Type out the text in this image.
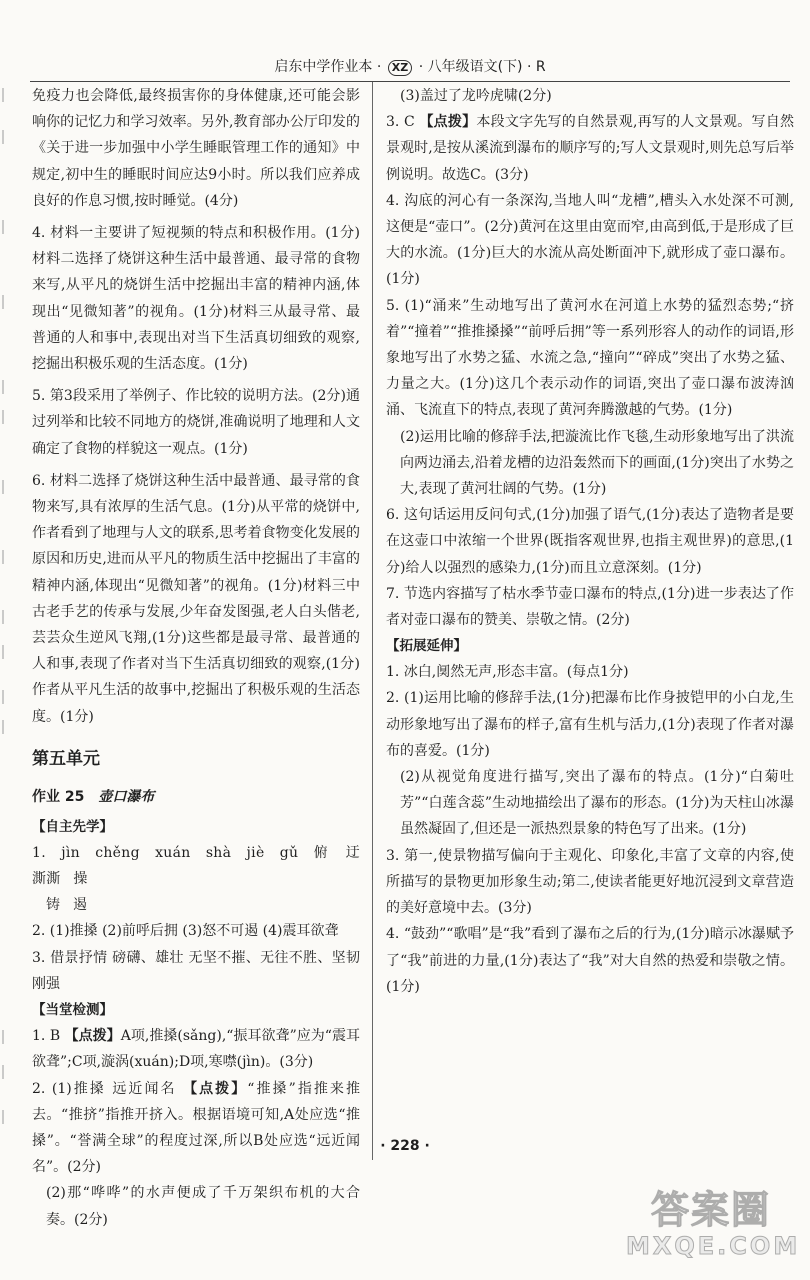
启东中学作业本 · XZ · 八年级语文(下) · R

免疫力也会降低,最终损害你的身体健康,还可能会影响你的记忆力和学习效率。另外,教育部办公厅印发的《关于进一步加强中小学生睡眠管理工作的通知》中规定,初中生的睡眠时间应达9小时。所以我们应养成良好的作息习惯,按时睡觉。(4分)

4. 材料一主要讲了短视频的特点和积极作用。(1分)材料二选择了烧饼这种生活中最普通、最寻常的食物来写,从平凡的烧饼生活中挖掘出丰富的精神内涵,体现出“见微知著”的视角。(1分)材料三从最寻常、最普通的人和事中,表现出对当下生活真切细致的观察,挖掘出积极乐观的生活态度。(1分)

5. 第3段采用了举例子、作比较的说明方法。(2分)通过列举和比较不同地方的烧饼,准确说明了地理和人文确定了食物的样貌这一观点。(1分)

6. 材料二选择了烧饼这种生活中最普通、最寻常的食物来写,具有浓厚的生活气息。(1分)从平常的烧饼中,作者看到了地理与人文的联系,思考着食物变化发展的原因和历史,进而从平凡的物质生活中挖掘出了丰富的精神内涵,体现出“见微知著”的视角。(1分)材料三中古老手艺的传承与发展,少年奋发图强,老人白头偕老,芸芸众生逆风飞翔,(1分)这些都是最寻常、最普通的人和事,表现了作者对当下生活真切细致的观察,(1分)作者从平凡生活的故事中,挖掘出了积极乐观的生活态度。(1分)

第五单元
作业 25 壶口瀑布

【自主先学】

1. jìn chěng xuán shà jiè gǔ 俯 迂 澌澌 操

铸 遏

2. (1)推搡 (2)前呼后拥 (3)怒不可遏 (4)震耳欲聋

3. 借景抒情 磅礴、雄壮 无坚不摧、无往不胜、坚韧刚强

【当堂检测】

1. B 【点拨】A项,推搡(sǎng),“振耳欲聋”应为“震耳欲聋”;C项,漩涡(xuán);D项,寒噤(jìn)。(3分)

2. (1)推搡 远近闻名 【点拨】“推搡”指推来推去。“推挤”指推开挤入。根据语境可知,A处应选“推搡”。“誉满全球”的程度过深,所以B处应选“远近闻名”。(2分)

(2)那“哗哗”的水声便成了千万架织布机的大合奏。(2分)

(3)盖过了龙吟虎啸(2分)

3. C 【点拨】本段文字先写的自然景观,再写的人文景观。写自然景观时,是按从溪流到瀑布的顺序写的;写人文景观时,则先总写后举例说明。故选C。(3分)

4. 沟底的河心有一条深沟,当地人叫“龙槽”,槽头入水处深不可测,这便是“壶口”。(2分)黄河在这里由宽而窄,由高到低,于是形成了巨大的水流。(1分)巨大的水流从高处断面冲下,就形成了壶口瀑布。(1分)

5. (1)“涌来”生动地写出了黄河水在河道上水势的猛烈态势;“挤着”“撞着”“推推搡搡”“前呼后拥”等一系列形容人的动作的词语,形象地写出了水势之猛、水流之急,“撞向”“碎成”突出了水势之猛、力量之大。(1分)这几个表示动作的词语,突出了壶口瀑布波涛汹涌、飞流直下的特点,表现了黄河奔腾激越的气势。(1分)

(2)运用比喻的修辞手法,把漩流比作飞毯,生动形象地写出了洪流向两边涌去,沿着龙槽的边沿轰然而下的画面,(1分)突出了水势之大,表现了黄河壮阔的气势。(1分)

6. 这句话运用反问句式,(1分)加强了语气,(1分)表达了造物者是要在这壶口中浓缩一个世界(既指客观世界,也指主观世界)的意思,(1分)给人以强烈的感染力,(1分)而且立意深刻。(1分)

7. 节选内容描写了枯水季节壶口瀑布的特点,(1分)进一步表达了作者对壶口瀑布的赞美、崇敬之情。(2分)

【拓展延伸】

1. 冰白,阒然无声,形态丰富。(每点1分)

2. (1)运用比喻的修辞手法,(1分)把瀑布比作身披铠甲的小白龙,生动形象地写出了瀑布的样子,富有生机与活力,(1分)表现了作者对瀑布的喜爱。(1分)

(2)从视觉角度进行描写,突出了瀑布的特点。(1分)“白菊吐芳”“白莲含蕊”生动地描绘出了瀑布的形态。(1分)为天柱山冰瀑虽然凝固了,但还是一派热烈景象的特色写了出来。(1分)

3. 第一,使景物描写偏向于主观化、印象化,丰富了文章的内容,使所描写的景物更加形象生动;第二,使读者能更好地沉浸到文章营造的美好意境中去。(3分)

4. “鼓劲”“歌唱”是“我”看到了瀑布之后的行为,(1分)暗示冰瀑赋予了“我”前进的力量,(1分)表达了“我”对大自然的热爱和崇敬之情。(1分)

· 228 ·
答案圈
MXQE.COM
